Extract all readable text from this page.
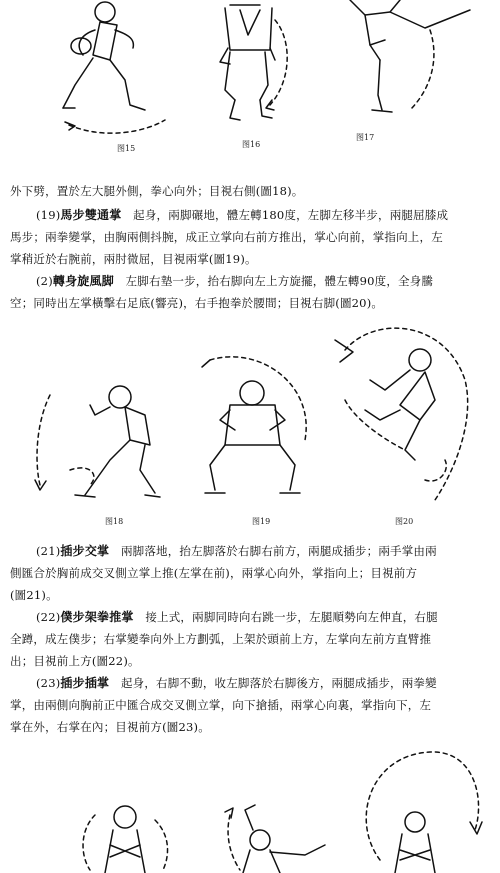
图15	图16
图17
外下劈，置於左大腿外側，拳心向外；目視右側(圖18)。
(19)馬步雙通掌　 起身，兩脚碾地，體左轉180度，左脚左移半步，兩腿屈膝成
馬步；兩拳變掌，由胸兩側抖腕，成正立掌向右前方推出，掌心向前，掌指向上，左
掌稍近於右腕前，兩肘微屈，目視兩掌(圖19)。
(2)轉身旋風脚　 左脚右墊一步，抬右脚向左上方旋擺，體左轉90度，全身騰
空；同時出左掌橫擊右足底(響亮)，右手抱拳於腰間；目視右脚(圖20)。
图18	图19	图20
(21)插步交掌　 兩脚落地，抬左脚落於右脚右前方，兩腿成插步；兩手掌由兩
側匯合於胸前成交叉側立掌上推(左掌在前)，兩掌心向外，掌指向上；目視前方
(圖21)。
(22)僕步架拳推掌　 接上式，兩脚同時向右跳一步，左腿順勢向左伸直，右腿
全蹲，成左僕步；右掌變拳向外上方劃弧，上架於頭前上方，左掌向左前方直臂推
出；目視前上方(圖22)。
(23)插步插掌　 起身，右脚不動，收左脚落於右脚後方，兩腿成插步，兩拳變
掌，由兩側向胸前正中匯合成交叉側立掌，向下搶插，兩掌心向裏，掌指向下，左
掌在外，右掌在內；目視前方(圖23)。
